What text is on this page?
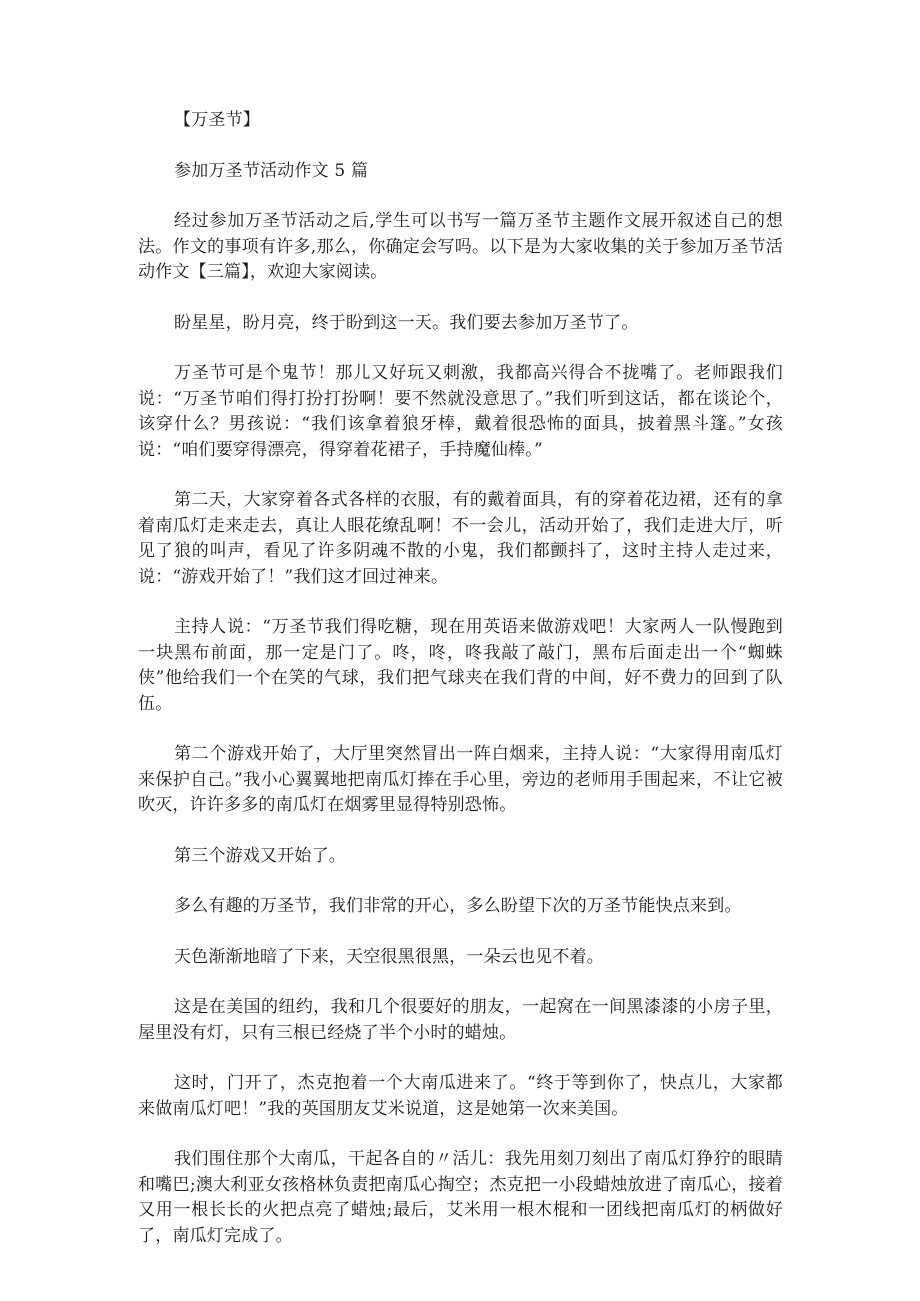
【万圣节】
参加万圣节活动作文 5 篇

经过参加万圣节活动之后,学生可以书写一篇万圣节主题作文展开叙述自己的想法。作文的事项有许多,那么，你确定会写吗。以下是为大家收集的关于参加万圣节活动作文【三篇】，欢迎大家阅读。

盼星星，盼月亮，终于盼到这一天。我们要去参加万圣节了。

万圣节可是个鬼节！那儿又好玩又刺激，我都高兴得合不拢嘴了。老师跟我们说：“万圣节咱们得打扮打扮啊！要不然就没意思了。”我们听到这话，都在谈论个，该穿什么？男孩说：“我们该拿着狼牙棒，戴着很恐怖的面具，披着黑斗篷。”女孩说：“咱们要穿得漂亮，得穿着花裙子，手持魔仙棒。”

第二天，大家穿着各式各样的衣服，有的戴着面具，有的穿着花边裙，还有的拿着南瓜灯走来走去，真让人眼花缭乱啊！不一会儿，活动开始了，我们走进大厅，听见了狼的叫声，看见了许多阴魂不散的小鬼，我们都颤抖了，这时主持人走过来，说：“游戏开始了！”我们这才回过神来。

主持人说：“万圣节我们得吃糖，现在用英语来做游戏吧！大家两人一队慢跑到一块黑布前面，那一定是门了。咚，咚，咚我敲了敲门，黑布后面走出一个“蜘蛛侠”他给我们一个在笑的气球，我们把气球夹在我们背的中间，好不费力的回到了队伍。

第二个游戏开始了，大厅里突然冒出一阵白烟来，主持人说：“大家得用南瓜灯来保护自己。”我小心翼翼地把南瓜灯捧在手心里，旁边的老师用手围起来，不让它被吹灭，许许多多的南瓜灯在烟雾里显得特别恐怖。

第三个游戏又开始了。

多么有趣的万圣节，我们非常的开心，多么盼望下次的万圣节能快点来到。

天色渐渐地暗了下来，天空很黑很黑，一朵云也见不着。

这是在美国的纽约，我和几个很要好的朋友，一起窝在一间黑漆漆的小房子里，屋里没有灯，只有三根已经烧了半个小时的蜡烛。

这时，门开了，杰克抱着一个大南瓜进来了。“终于等到你了，快点儿，大家都来做南瓜灯吧！”我的英国朋友艾米说道，这是她第一次来美国。

我们围住那个大南瓜，干起各自的〃活儿：我先用刻刀刻出了南瓜灯狰狞的眼睛和嘴巴;澳大利亚女孩格林负责把南瓜心掏空；杰克把一小段蜡烛放进了南瓜心，接着又用一根长长的火把点亮了蜡烛;最后，艾米用一根木棍和一团线把南瓜灯的柄做好了，南瓜灯完成了。
